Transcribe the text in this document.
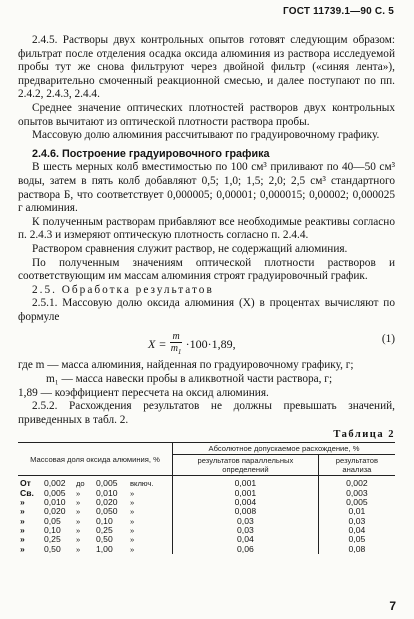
ГОСТ 11739.1—90 С. 5

2.4.5. Растворы двух контрольных опытов готовят следующим образом: фильтрат после отделения осадка оксида алюминия из раствора исследуемой пробы тут же снова фильтруют через двойной фильтр («синяя лента»), предварительно смоченный реакционной смесью, и далее поступают по пп. 2.4.2, 2.4.3, 2.4.4.

Среднее значение оптических плотностей растворов двух контрольных опытов вычитают из оптической плотности раствора пробы.

Массовую долю алюминия рассчитывают по градуировочному графику.

2.4.6. Построение градуировочного графика

В шесть мерных колб вместимостью по 100 см³ приливают по 40—50 см³ воды, затем в пять колб добавляют 0,5; 1,0; 1,5; 2,0; 2,5 см³ стандартного раствора Б, что соответствует 0,000005; 0,00001; 0,000015; 0,00002; 0,000025 г алюминия.

К полученным растворам прибавляют все необходимые реактивы согласно п. 2.4.3 и измеряют оптическую плотность согласно п. 2.4.4.

Раствором сравнения служит раствор, не содержащий алюминия.

По полученным значениям оптической плотности растворов и соответствующим им массам алюминия строят градуировочный график.

2.5. Обработка результатов

2.5.1. Массовую долю оксида алюминия (X) в процентах вычисляют по формуле

$X = \frac{m}{m_1} \cdot 100\cdot 1,89$,	(1)

где m — масса алюминия, найденная по градуировочному графику, г;

m₁ — масса навески пробы в аликвотной части раствора, г;

1,89 — коэффициент пересчета на оксид алюминия.

2.5.2. Расхождения результатов не должны превышать значений, приведенных в табл. 2.

Таблица 2
Массовая доля оксида алюминия, %					Абсолютное допускаемое расхождение, %	
					результатов параллельных определений	результатов анализа
От	0,002	до	0,005	включ.	0,001	0,002
Св.	0,005	»	0,010	»	0,001	0,003
»	0,010	»	0,020	»	0,004	0,005
»	0,020	»	0,050	»	0,008	0,01
»	0,05	»	0,10	»	0,03	0,03
»	0,10	»	0,25	»	0,03	0,04
»	0,25	»	0,50	»	0,04	0,05
»	0,50	»	1,00	»	0,06	0,08
7
